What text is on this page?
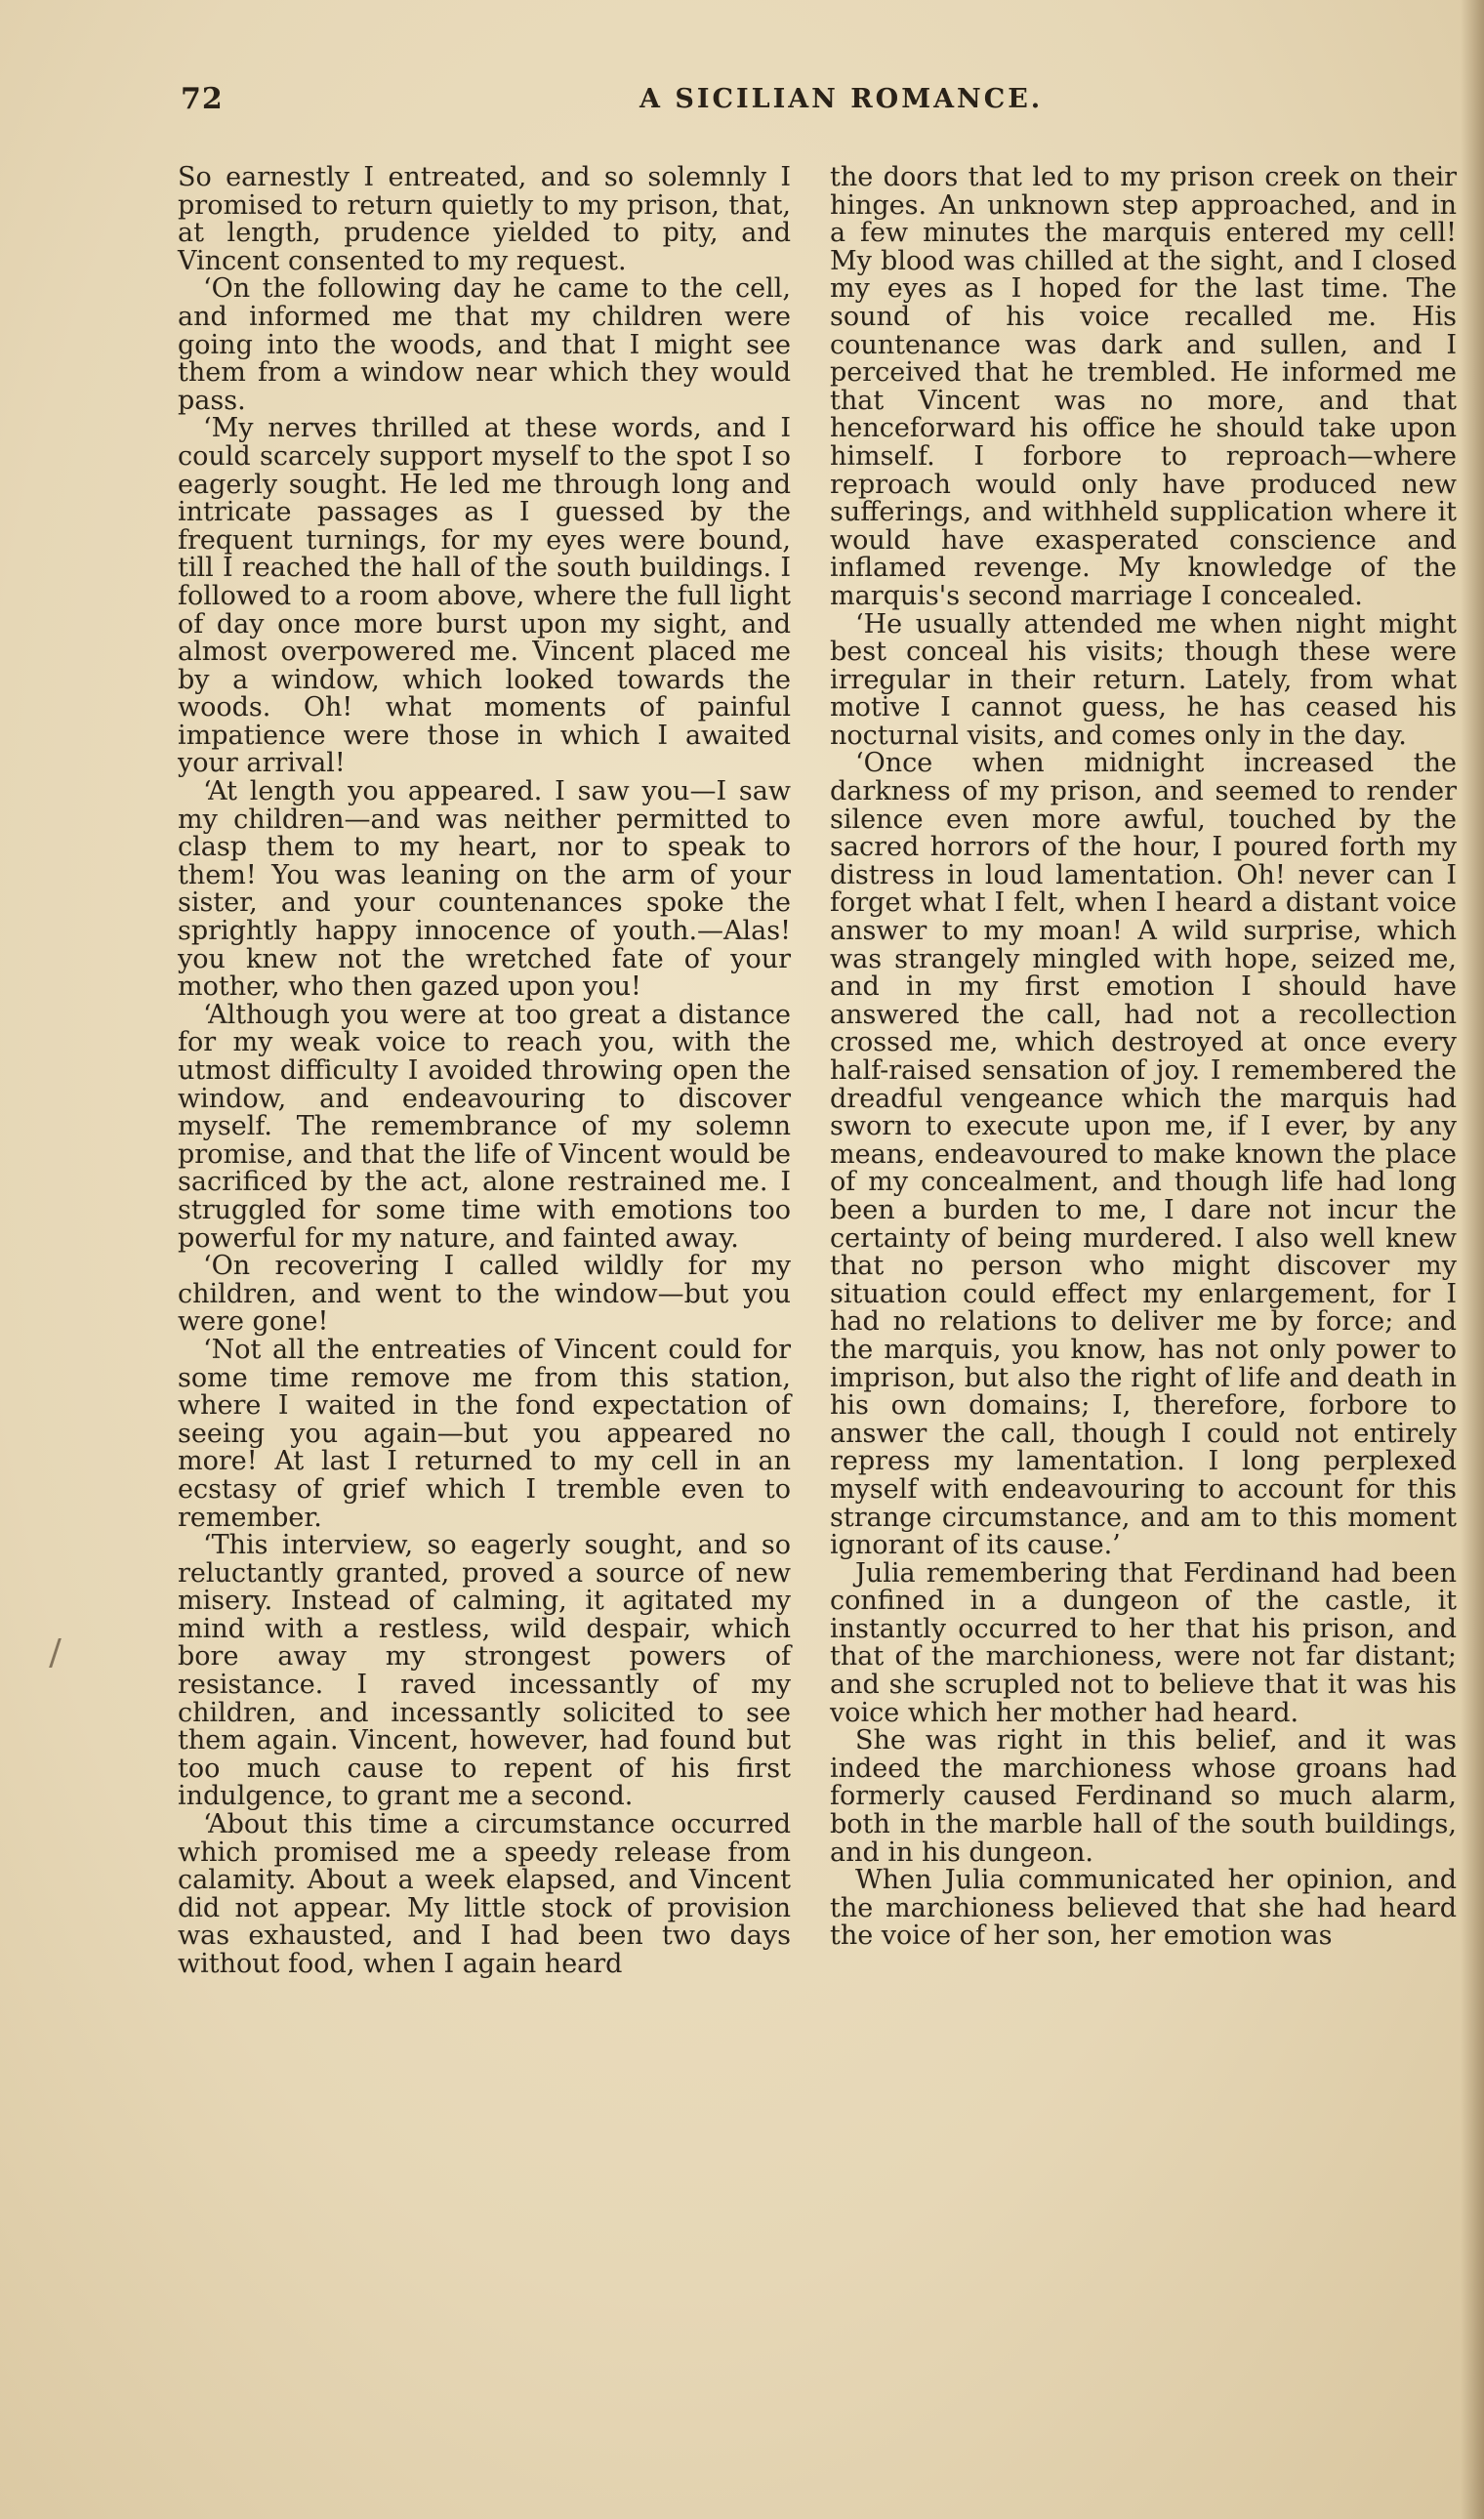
72	A SICILIAN ROMANCE.

So earnestly I entreated, and so solemnly I promised to return quietly to my prison, that, at length, prudence yielded to pity, and Vincent consented to my request.

‘On the following day he came to the cell, and informed me that my children were going into the woods, and that I might see them from a window near which they would pass.

‘My nerves thrilled at these words, and I could scarcely support myself to the spot I so eagerly sought. He led me through long and intricate passages as I guessed by the frequent turnings, for my eyes were bound, till I reached the hall of the south buildings. I followed to a room above, where the full light of day once more burst upon my sight, and almost overpowered me. Vincent placed me by a window, which looked towards the woods. Oh! what moments of painful impatience were those in which I awaited your arrival!

‘At length you appeared. I saw you—I saw my children—and was neither permitted to clasp them to my heart, nor to speak to them! You was leaning on the arm of your sister, and your countenances spoke the sprightly happy innocence of youth.—Alas! you knew not the wretched fate of your mother, who then gazed upon you!

‘Although you were at too great a distance for my weak voice to reach you, with the utmost difficulty I avoided throwing open the window, and endeavouring to discover myself. The remembrance of my solemn promise, and that the life of Vincent would be sacrificed by the act, alone restrained me. I struggled for some time with emotions too powerful for my nature, and fainted away.

‘On recovering I called wildly for my children, and went to the window—but you were gone!

‘Not all the entreaties of Vincent could for some time remove me from this station, where I waited in the fond expectation of seeing you again—but you appeared no more! At last I returned to my cell in an ecstasy of grief which I tremble even to remember.

‘This interview, so eagerly sought, and so reluctantly granted, proved a source of new misery. Instead of calming, it agitated my mind with a restless, wild despair, which bore away my strongest powers of resistance. I raved incessantly of my children, and incessantly solicited to see them again. Vincent, however, had found but too much cause to repent of his first indulgence, to grant me a second.

‘About this time a circumstance occurred which promised me a speedy release from calamity. About a week elapsed, and Vincent did not appear. My little stock of provision was exhausted, and I had been two days without food, when I again heard

the doors that led to my prison creek on their hinges. An unknown step approached, and in a few minutes the marquis entered my cell! My blood was chilled at the sight, and I closed my eyes as I hoped for the last time. The sound of his voice recalled me. His countenance was dark and sullen, and I perceived that he trembled. He informed me that Vincent was no more, and that henceforward his office he should take upon himself. I forbore to reproach—where reproach would only have produced new sufferings, and withheld supplication where it would have exasperated conscience and inflamed revenge. My knowledge of the marquis's second marriage I concealed.

‘He usually attended me when night might best conceal his visits; though these were irregular in their return. Lately, from what motive I cannot guess, he has ceased his nocturnal visits, and comes only in the day.

‘Once when midnight increased the darkness of my prison, and seemed to render silence even more awful, touched by the sacred horrors of the hour, I poured forth my distress in loud lamentation. Oh! never can I forget what I felt, when I heard a distant voice answer to my moan! A wild surprise, which was strangely mingled with hope, seized me, and in my first emotion I should have answered the call, had not a recollection crossed me, which destroyed at once every half-raised sensation of joy. I remembered the dreadful vengeance which the marquis had sworn to execute upon me, if I ever, by any means, endeavoured to make known the place of my concealment, and though life had long been a burden to me, I dare not incur the certainty of being murdered. I also well knew that no person who might discover my situation could effect my enlargement, for I had no relations to deliver me by force; and the marquis, you know, has not only power to imprison, but also the right of life and death in his own domains; I, therefore, forbore to answer the call, though I could not entirely repress my lamentation. I long perplexed myself with endeavouring to account for this strange circumstance, and am to this moment ignorant of its cause.’

Julia remembering that Ferdinand had been confined in a dungeon of the castle, it instantly occurred to her that his prison, and that of the marchioness, were not far distant; and she scrupled not to believe that it was his voice which her mother had heard.

She was right in this belief, and it was indeed the marchioness whose groans had formerly caused Ferdinand so much alarm, both in the marble hall of the south buildings, and in his dungeon.

When Julia communicated her opinion, and the marchioness believed that she had heard the voice of her son, her emotion was
